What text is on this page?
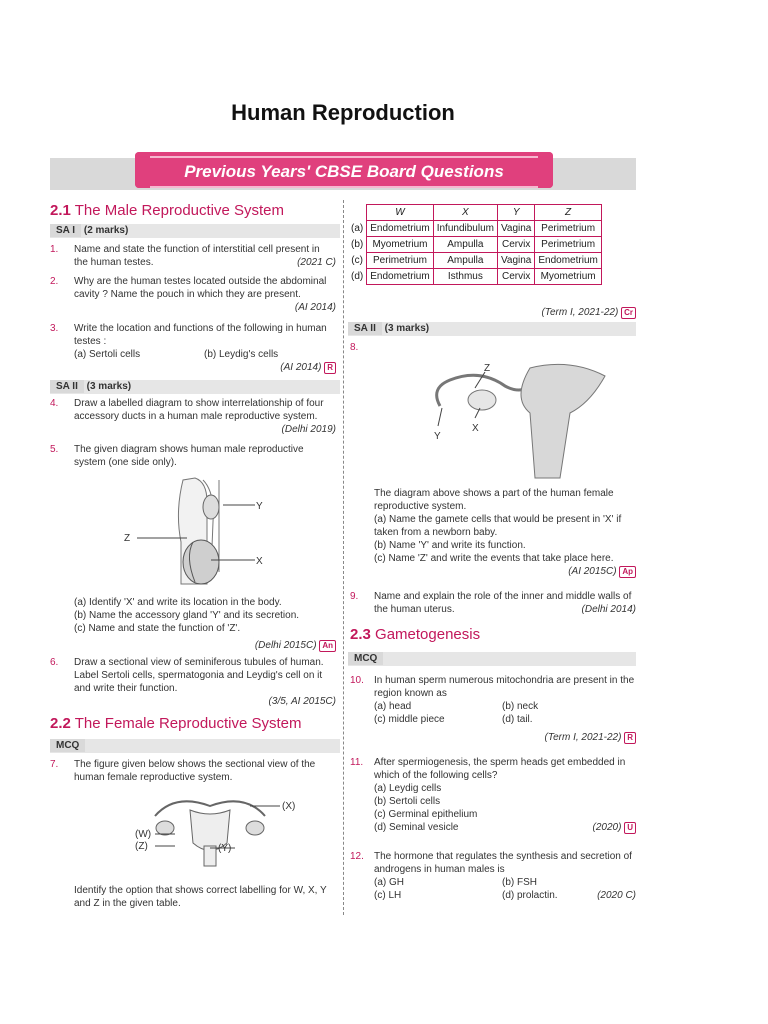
Human Reproduction
Previous Years' CBSE Board Questions
2.1 The Male Reproductive System
SA I (2 marks)
1. Name and state the function of interstitial cell present in the human testes.	(2021 C)
2. Why are the human testes located outside the abdominal cavity ? Name the pouch in which they are present.
(AI 2014)
3. Write the location and functions of the following in human testes :
(a) Sertoli cells	(b) Leydig's cells
(AI 2014) R
SA II (3 marks)
4. Draw a labelled diagram to show interrelationship of four accessory ducts in a human male reproductive system.
(Delhi 2019)
5. The given diagram shows human male reproductive system (one side only).
Y
Z
X
(a) Identify 'X' and write its location in the body.
(b) Name the accessory gland 'Y' and its secretion.
(c) Name and state the function of 'Z'.
(Delhi 2015C) An
6. Draw a sectional view of seminiferous tubules of human. Label Sertoli cells, spermatogonia and Leydig's cell on it and write their function.
(3/5, AI 2015C)
2.2 The Female Reproductive System
MCQ
7. The figure given below shows the sectional view of the human female reproductive system.
(X)
(W)
(Z)	(Y)
Identify the option that shows correct labelling for W, X, Y and Z in the given table.
	W	X	Y	Z
(a)	Endometrium	Infundibulum	Vagina	Perimetrium
(b)	Myometrium	Ampulla	Cervix	Perimetrium
(c)	Perimetrium	Ampulla	Vagina	Endometrium
(d)	Endometrium	Isthmus	Cervix	Myometrium
(Term I, 2021-22) Cr
SA II (3 marks)
8.
Z
X
Y
The diagram above shows a part of the human female reproductive system.
(a) Name the gamete cells that would be present in 'X' if taken from a newborn baby.
(b) Name 'Y' and write its function.
(c) Name 'Z' and write the events that take place here.
(AI 2015C) Ap
9. Name and explain the role of the inner and middle walls of the human uterus.	(Delhi 2014)
2.3 Gametogenesis
MCQ
10. In human sperm numerous mitochondria are present in the region known as
(a) head	(b) neck
(c) middle piece	(d) tail.
(Term I, 2021-22) R
11. After spermiogenesis, the sperm heads get embedded in which of the following cells?
(a) Leydig cells
(b) Sertoli cells
(c) Germinal epithelium
(d) Seminal vesicle	(2020) U
12. The hormone that regulates the synthesis and secretion of androgens in human males is
(a) GH	(b) FSH
(c) LH	(d) prolactin.	(2020 C)
